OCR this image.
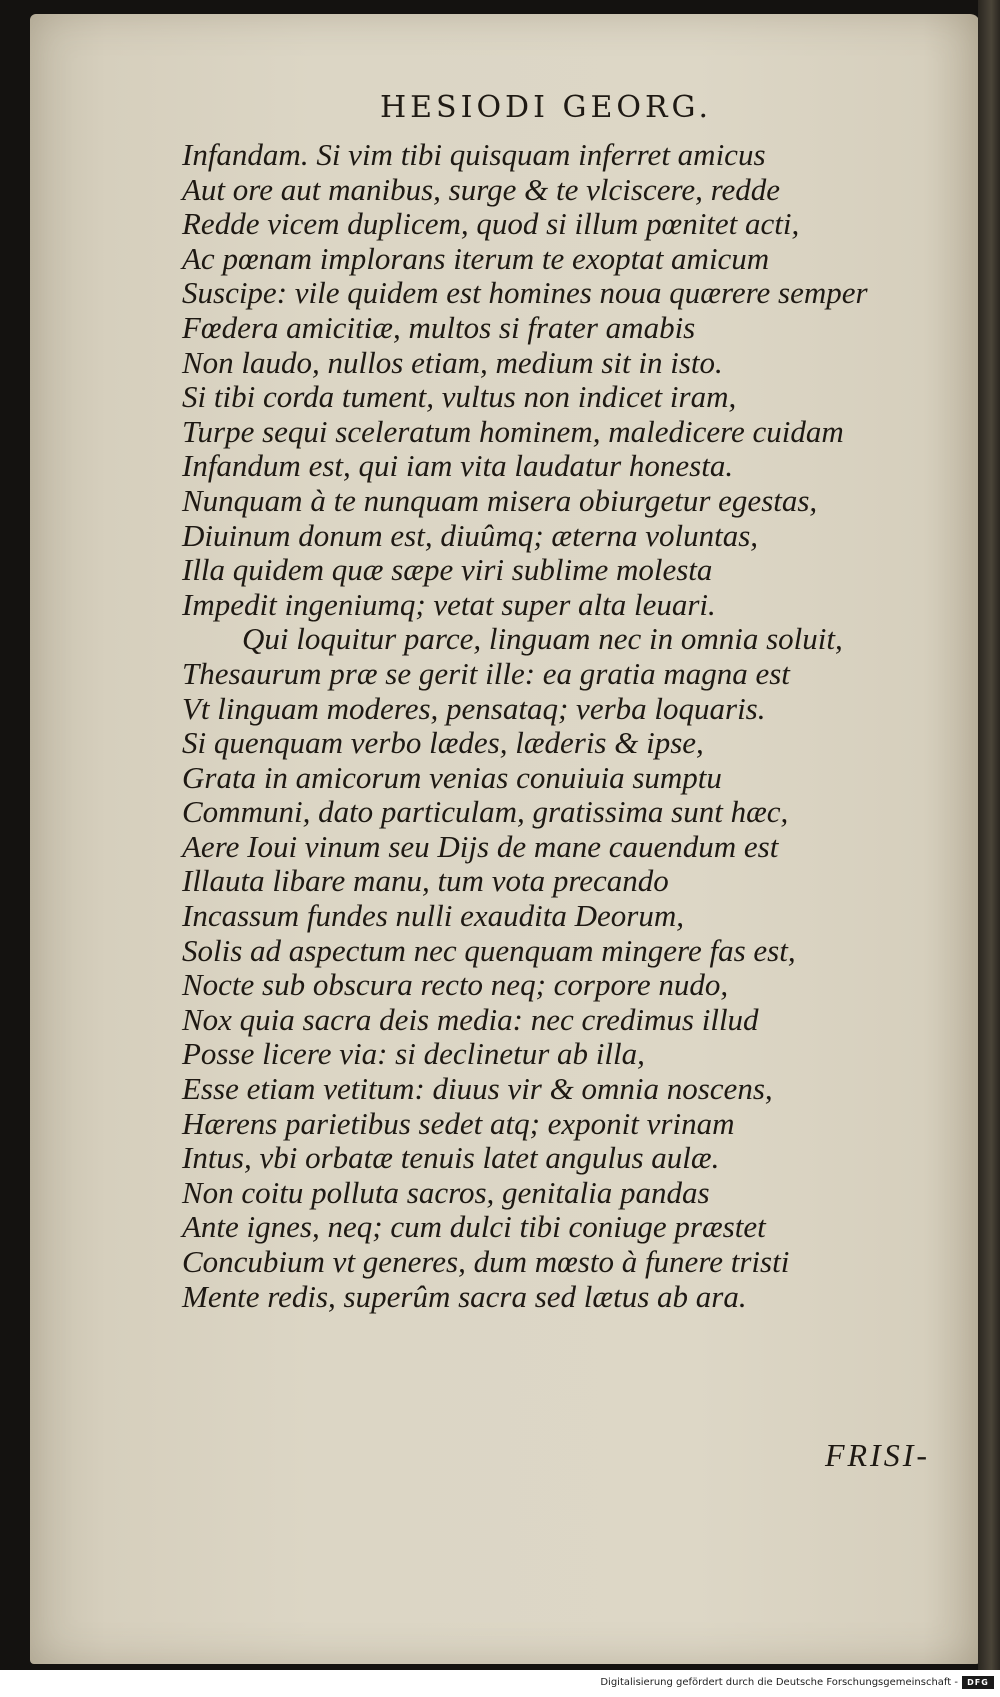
HESIODI GEORG.
Infandam. Si vim tibi quisquam inferret amicus
Aut ore aut manibus, surge & te vlciscere, redde
Redde vicem duplicem, quod si illum pœnitet acti,
Ac pœnam implorans iterum te exoptat amicum
Suscipe: vile quidem est homines noua quærere semper
Fœdera amicitiæ, multos si frater amabis
Non laudo, nullos etiam, medium sit in isto.
Si tibi corda tument, vultus non indicet iram,
Turpe sequi sceleratum hominem, maledicere cuidam
Infandum est, qui iam vita laudatur honesta.
Nunquam à te nunquam misera obiurgetur egestas,
Diuinum donum est, diuûmq; æterna voluntas,
Illa quidem quæ sæpe viri sublime molesta
Impedit ingeniumq; vetat super alta leuari.
Qui loquitur parce, linguam nec in omnia soluit,
Thesaurum præ se gerit ille: ea gratia magna est
Vt linguam moderes, pensataq; verba loquaris.
Si quenquam verbo lædes, læderis & ipse,
Grata in amicorum venias conuiuia sumptu
Communi, dato particulam, gratissima sunt hæc,
Aere Ioui vinum seu Dijs de mane cauendum est
Illauta libare manu, tum vota precando
Incassum fundes nulli exaudita Deorum,
Solis ad aspectum nec quenquam mingere fas est,
Nocte sub obscura recto neq; corpore nudo,
Nox quia sacra deis media: nec credimus illud
Posse licere via: si declinetur ab illa,
Esse etiam vetitum: diuus vir & omnia noscens,
Hærens parietibus sedet atq; exponit vrinam
Intus, vbi orbatæ tenuis latet angulus aulæ.
Non coitu polluta sacros, genitalia pandas
Ante ignes, neq; cum dulci tibi coniuge præstet
Concubium vt generes, dum mœsto à funere tristi
Mente redis, superûm sacra sed lætus ab ara.
FRISI-
Digitalisierung gefördert durch die Deutsche Forschungsgemeinschaft -	DFG
